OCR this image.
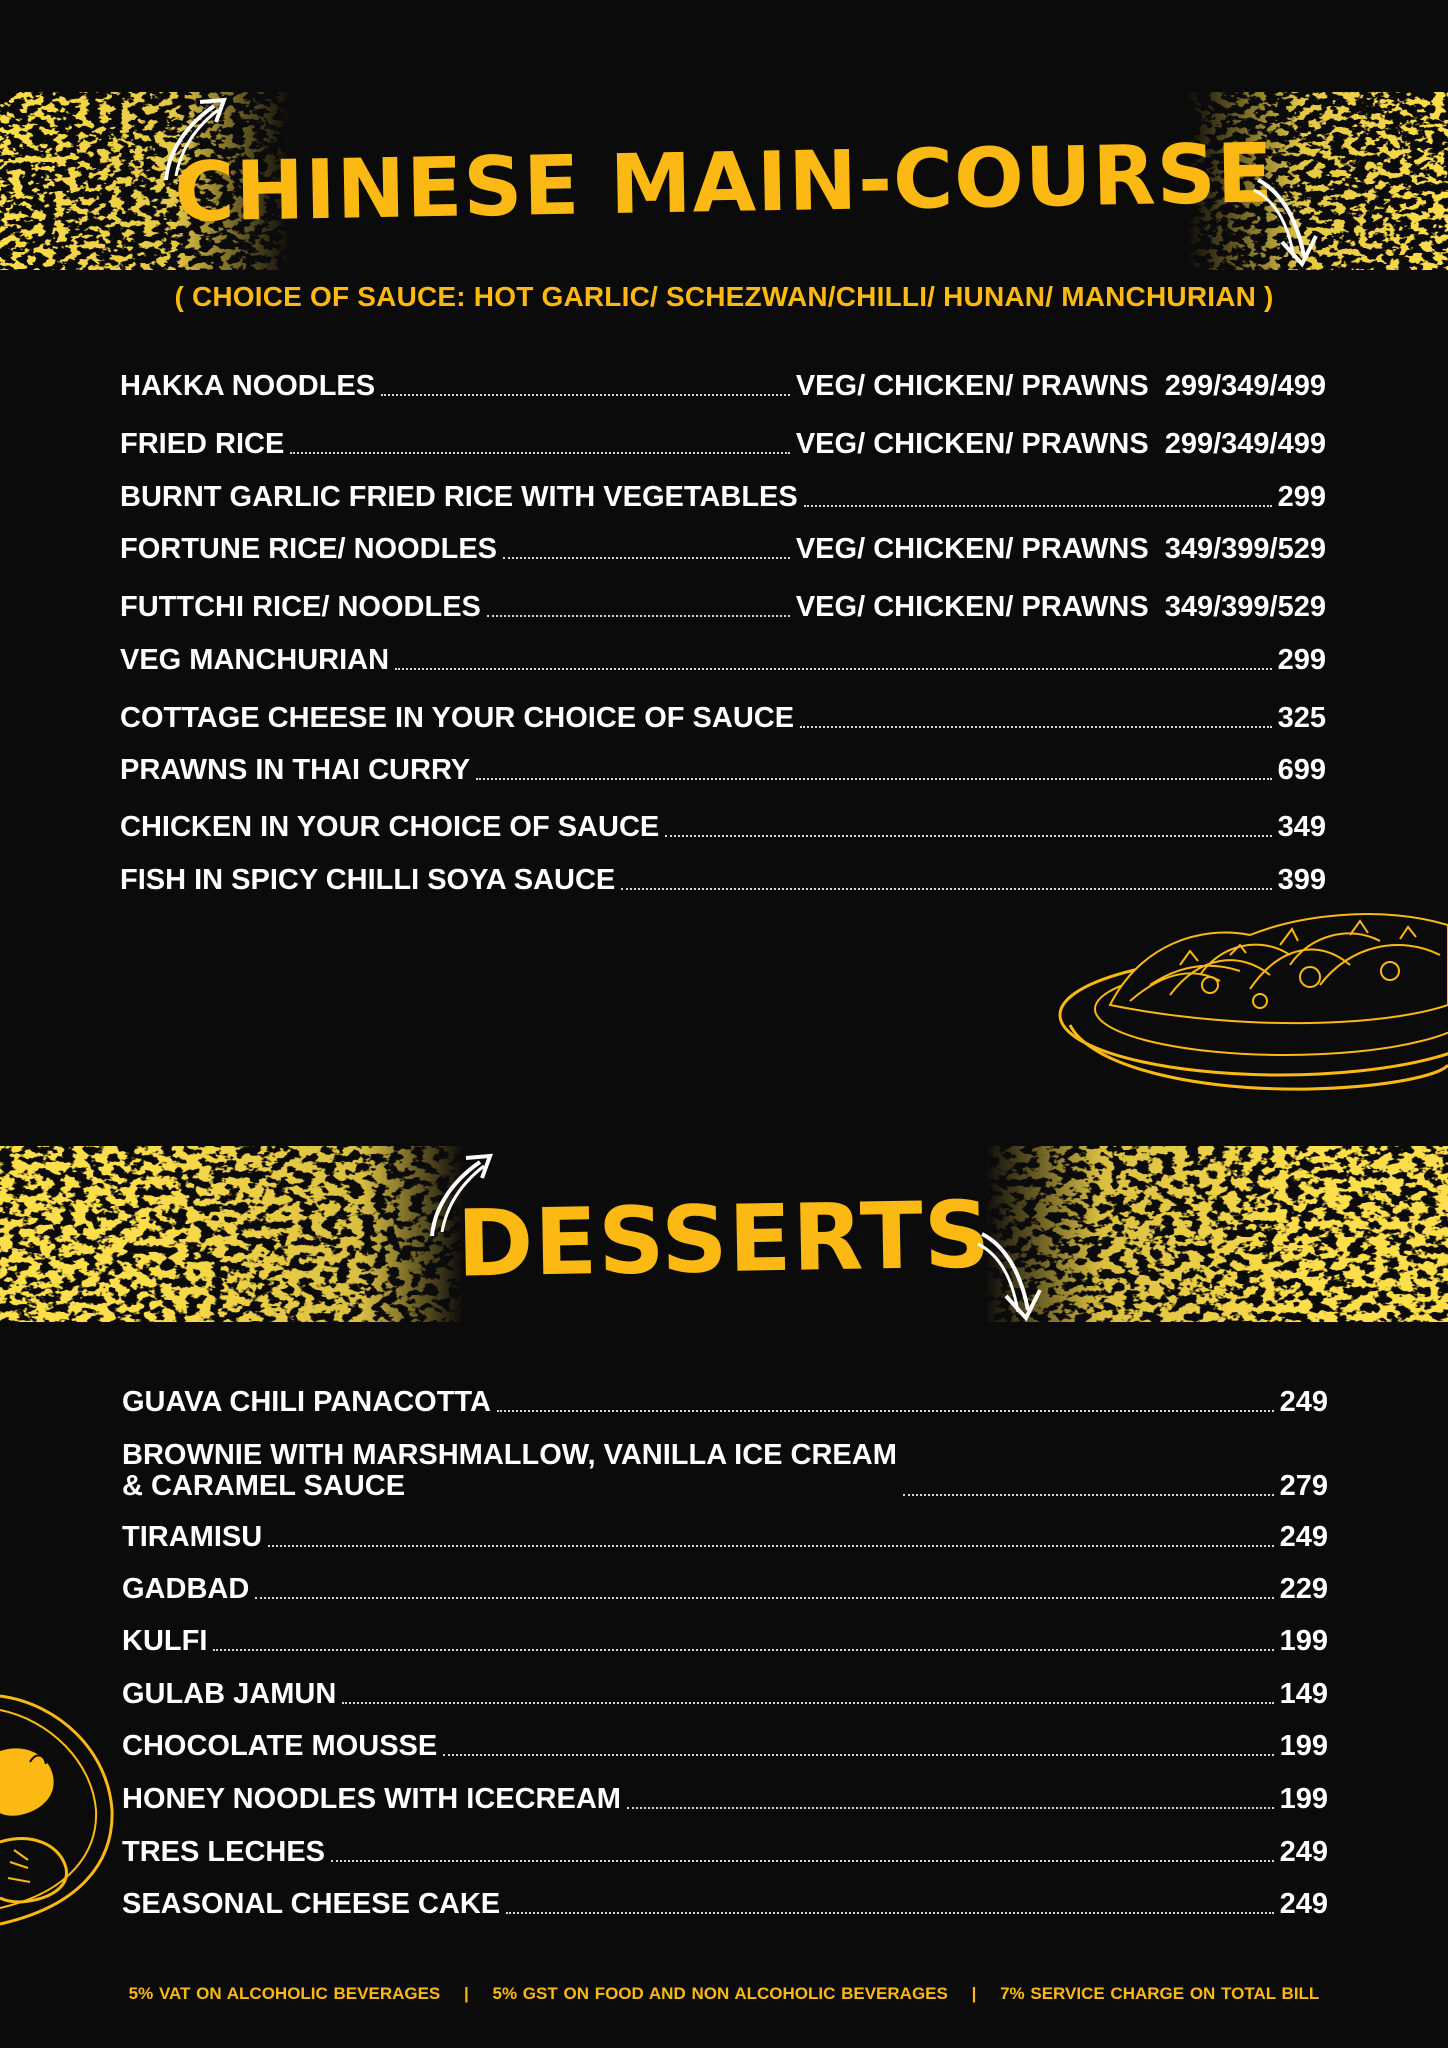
CHINESE MAIN-COURSE
( CHOICE OF SAUCE: HOT GARLIC/ SCHEZWAN/CHILLI/ HUNAN/ MANCHURIAN )
HAKKA NOODLES	VEG/ CHICKEN/ PRAWNS 299/349/499
FRIED RICE	VEG/ CHICKEN/ PRAWNS 299/349/499
BURNT GARLIC FRIED RICE WITH VEGETABLES	299
FORTUNE RICE/ NOODLES	VEG/ CHICKEN/ PRAWNS 349/399/529
FUTTCHI RICE/ NOODLES	VEG/ CHICKEN/ PRAWNS 349/399/529
VEG MANCHURIAN	299
COTTAGE CHEESE IN YOUR CHOICE OF SAUCE	325
PRAWNS IN THAI CURRY	699
CHICKEN IN YOUR CHOICE OF SAUCE	349
FISH IN SPICY CHILLI SOYA SAUCE	399
DESSERTS
GUAVA CHILI PANACOTTA	249
BROWNIE WITH MARSHMALLOW, VANILLA ICE CREAM
& CARAMEL SAUCE	279
TIRAMISU	249
GADBAD	229
KULFI	199
GULAB JAMUN	149
CHOCOLATE MOUSSE	199
HONEY NOODLES WITH ICECREAM	199
TRES LECHES	249
SEASONAL CHEESE CAKE	249
5% VAT ON ALCOHOLIC BEVERAGES | 5% GST ON FOOD AND NON ALCOHOLIC BEVERAGES | 7% SERVICE CHARGE ON TOTAL BILL
